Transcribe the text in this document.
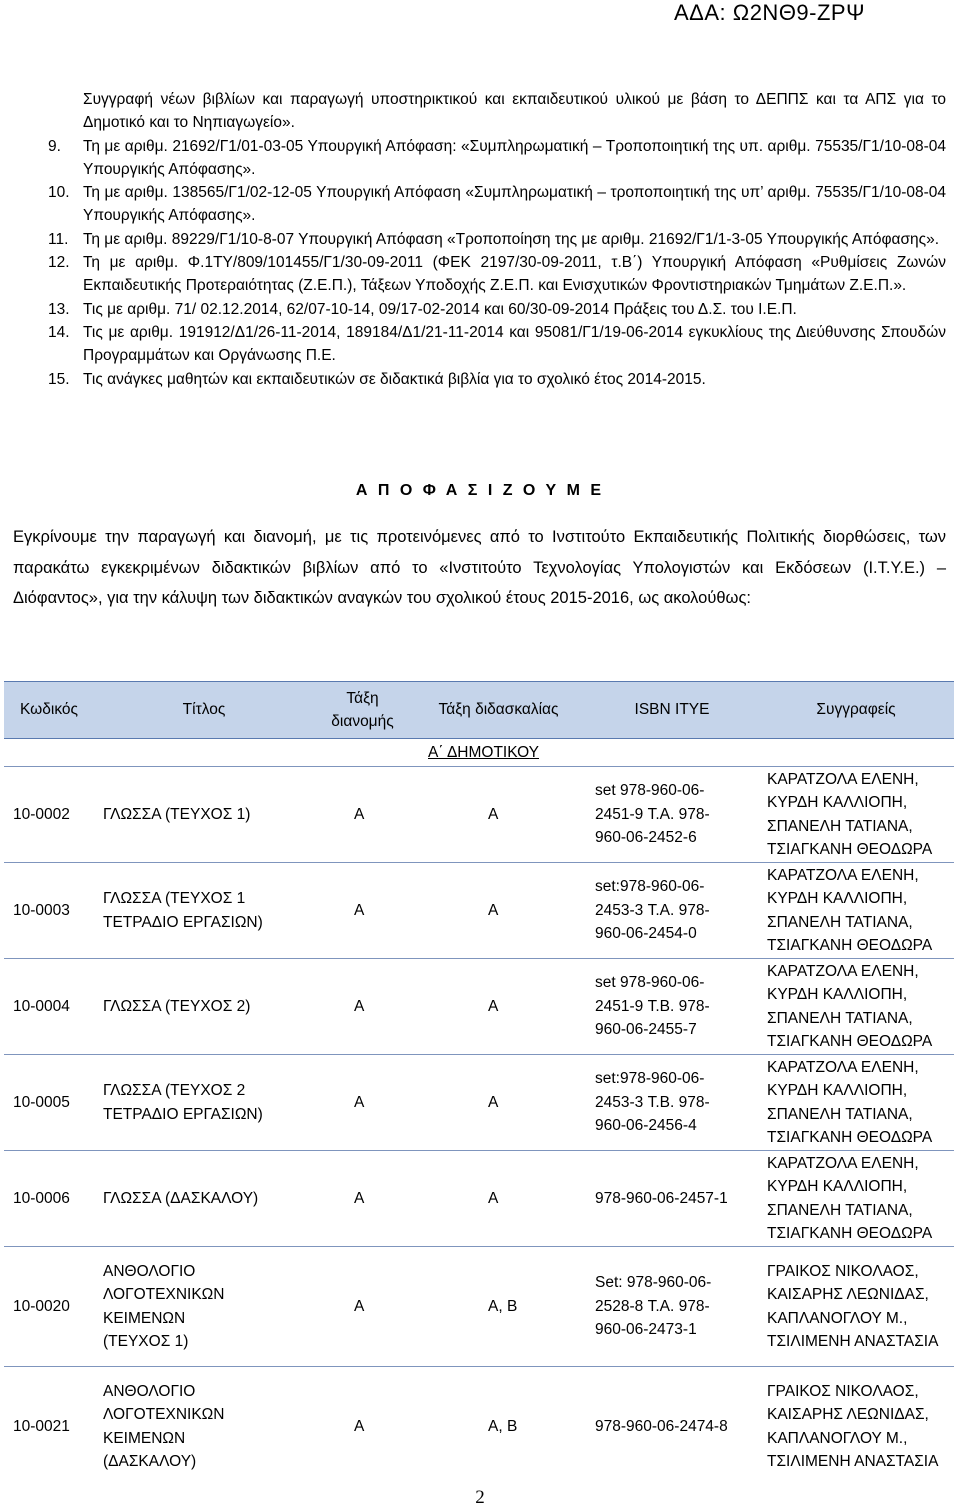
ΑΔΑ: Ω2ΝΘ9-ΖΡΨ
Συγγραφή νέων βιβλίων και παραγωγή υποστηρικτικού και εκπαιδευτικού υλικού με βάση το ΔΕΠΠΣ και τα ΑΠΣ για το Δημοτικό και το Νηπιαγωγείο».
9.	Τη με αριθμ. 21692/Γ1/01-03-05 Υπουργική Απόφαση: «Συμπληρωματική – Τροποποιητική της υπ. αριθμ. 75535/Γ1/10-08-04 Υπουργικής Απόφασης».
10. Τη με αριθμ. 138565/Γ1/02-12-05 Υπουργική Απόφαση «Συμπληρωματική – τροποποιητική της υπ’ αριθμ. 75535/Γ1/10-08-04 Υπουργικής Απόφασης».
11. Τη με αριθμ. 89229/Γ1/10-8-07 Υπουργική Απόφαση «Τροποποίηση της με αριθμ. 21692/Γ1/1-3-05 Υπουργικής Απόφασης».
12. Τη με αριθμ. Φ.1ΤΥ/809/101455/Γ1/30-09-2011 (ΦΕΚ 2197/30-09-2011, τ.Β΄) Υπουργική Απόφαση «Ρυθμίσεις Ζωνών Εκπαιδευτικής Προτεραιότητας (Ζ.Ε.Π.), Τάξεων Υποδοχής Ζ.Ε.Π. και Ενισχυτικών Φροντιστηριακών Τμημάτων Ζ.Ε.Π.».
13. Τις με αριθμ. 71/ 02.12.2014, 62/07-10-14, 09/17-02-2014 και 60/30-09-2014 Πράξεις του Δ.Σ. του Ι.Ε.Π.
14. Τις με αριθμ. 191912/Δ1/26-11-2014, 189184/Δ1/21-11-2014 και 95081/Γ1/19-06-2014 εγκυκλίους της Διεύθυνσης Σπουδών Προγραμμάτων και Οργάνωσης Π.Ε.
15. Τις ανάγκες μαθητών και εκπαιδευτικών σε διδακτικά βιβλία για το σχολικό έτος 2014-2015.
Α Π Ο Φ Α Σ Ι Ζ Ο Υ Μ Ε
Εγκρίνουμε την παραγωγή και διανομή, με τις προτεινόμενες από το Ινστιτούτο Εκπαιδευτικής Πολιτικής διορθώσεις, των παρακάτω εγκεκριμένων διδακτικών βιβλίων από το «Ινστιτούτο Τεχνολογίας Υπολογιστών και Εκδόσεων (Ι.Τ.Υ.Ε.) – Διόφαντος», για την κάλυψη των διδακτικών αναγκών του σχολικού έτους 2015-2016, ως ακολούθως:
Κωδικός	Τίτλος	Τάξη διανομής	Τάξη διδασκαλίας	ISBN ΙΤΥΕ	Συγγραφείς
Α΄ ΔΗΜΟΤΙΚΟΥ					
10-0002	ΓΛΩΣΣΑ (ΤΕΥΧΟΣ 1)	Α	Α	set 978-960-06-2451-9 Τ.Α. 978-960-06-2452-6	ΚΑΡΑΤΖΟΛΑ ΕΛΕΝΗ, ΚΥΡΔΗ ΚΑΛΛΙΟΠΗ, ΣΠΑΝΕΛΗ ΤΑΤΙΑΝΑ, ΤΣΙΑΓΚΑΝΗ ΘΕΟΔΩΡΑ
10-0003	ΓΛΩΣΣΑ (ΤΕΥΧΟΣ 1 ΤΕΤΡΑΔΙΟ ΕΡΓΑΣΙΩΝ)	Α	Α	set:978-960-06-2453-3 Τ.Α. 978-960-06-2454-0	ΚΑΡΑΤΖΟΛΑ ΕΛΕΝΗ, ΚΥΡΔΗ ΚΑΛΛΙΟΠΗ, ΣΠΑΝΕΛΗ ΤΑΤΙΑΝΑ, ΤΣΙΑΓΚΑΝΗ ΘΕΟΔΩΡΑ
10-0004	ΓΛΩΣΣΑ (ΤΕΥΧΟΣ 2)	Α	Α	set 978-960-06-2451-9 Τ.Β. 978-960-06-2455-7	ΚΑΡΑΤΖΟΛΑ ΕΛΕΝΗ, ΚΥΡΔΗ ΚΑΛΛΙΟΠΗ, ΣΠΑΝΕΛΗ ΤΑΤΙΑΝΑ, ΤΣΙΑΓΚΑΝΗ ΘΕΟΔΩΡΑ
10-0005	ΓΛΩΣΣΑ (ΤΕΥΧΟΣ 2 ΤΕΤΡΑΔΙΟ ΕΡΓΑΣΙΩΝ)	Α	Α	set:978-960-06-2453-3 Τ.Β. 978-960-06-2456-4	ΚΑΡΑΤΖΟΛΑ ΕΛΕΝΗ, ΚΥΡΔΗ ΚΑΛΛΙΟΠΗ, ΣΠΑΝΕΛΗ ΤΑΤΙΑΝΑ, ΤΣΙΑΓΚΑΝΗ ΘΕΟΔΩΡΑ
10-0006	ΓΛΩΣΣΑ (ΔΑΣΚΑΛΟΥ)	Α	Α	978-960-06-2457-1	ΚΑΡΑΤΖΟΛΑ ΕΛΕΝΗ, ΚΥΡΔΗ ΚΑΛΛΙΟΠΗ, ΣΠΑΝΕΛΗ ΤΑΤΙΑΝΑ, ΤΣΙΑΓΚΑΝΗ ΘΕΟΔΩΡΑ
10-0020	ΑΝΘΟΛΟΓΙΟ ΛΟΓΟΤΕΧΝΙΚΩΝ ΚΕΙΜΕΝΩΝ (ΤΕΥΧΟΣ 1)	Α	Α, Β	Set: 978-960-06-2528-8 Τ.Α. 978-960-06-2473-1	ΓΡΑΙΚΟΣ ΝΙΚΟΛΑΟΣ, ΚΑΙΣΑΡΗΣ ΛΕΩΝΙΔΑΣ, ΚΑΠΛΑΝΟΓΛΟΥ Μ., ΤΣΙΛΙΜΕΝΗ ΑΝΑΣΤΑΣΙΑ
10-0021	ΑΝΘΟΛΟΓΙΟ ΛΟΓΟΤΕΧΝΙΚΩΝ ΚΕΙΜΕΝΩΝ (ΔΑΣΚΑΛΟΥ)	Α	Α, Β	978-960-06-2474-8	ΓΡΑΙΚΟΣ ΝΙΚΟΛΑΟΣ, ΚΑΙΣΑΡΗΣ ΛΕΩΝΙΔΑΣ, ΚΑΠΛΑΝΟΓΛΟΥ Μ., ΤΣΙΛΙΜΕΝΗ ΑΝΑΣΤΑΣΙΑ
2
